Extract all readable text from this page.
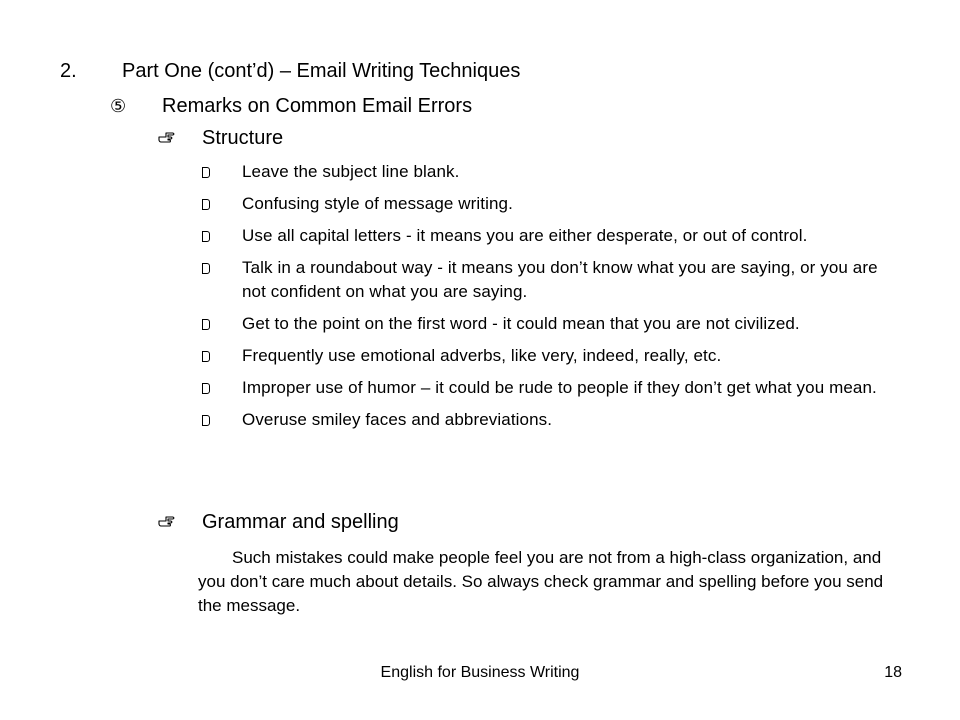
2. Part One (cont’d) – Email Writing Techniques
⑤ Remarks on Common Email Errors
Structure
Leave the subject line blank.
Confusing style of message writing.
Use all capital letters - it means you are either desperate, or out of control.
Talk in a roundabout way - it means you don’t know what you are saying, or you are not confident on what you are saying.
Get to the point on the first word - it could mean that you are not civilized.
Frequently use emotional adverbs, like very, indeed, really, etc.
Improper use of humor – it could be rude to people if they don’t get what you mean.
Overuse smiley faces and abbreviations.
Grammar and spelling

Such mistakes could make people feel you are not from a high-class organization, and you don’t care much about details. So always check grammar and spelling before you send the message.

English for Business Writing	18
